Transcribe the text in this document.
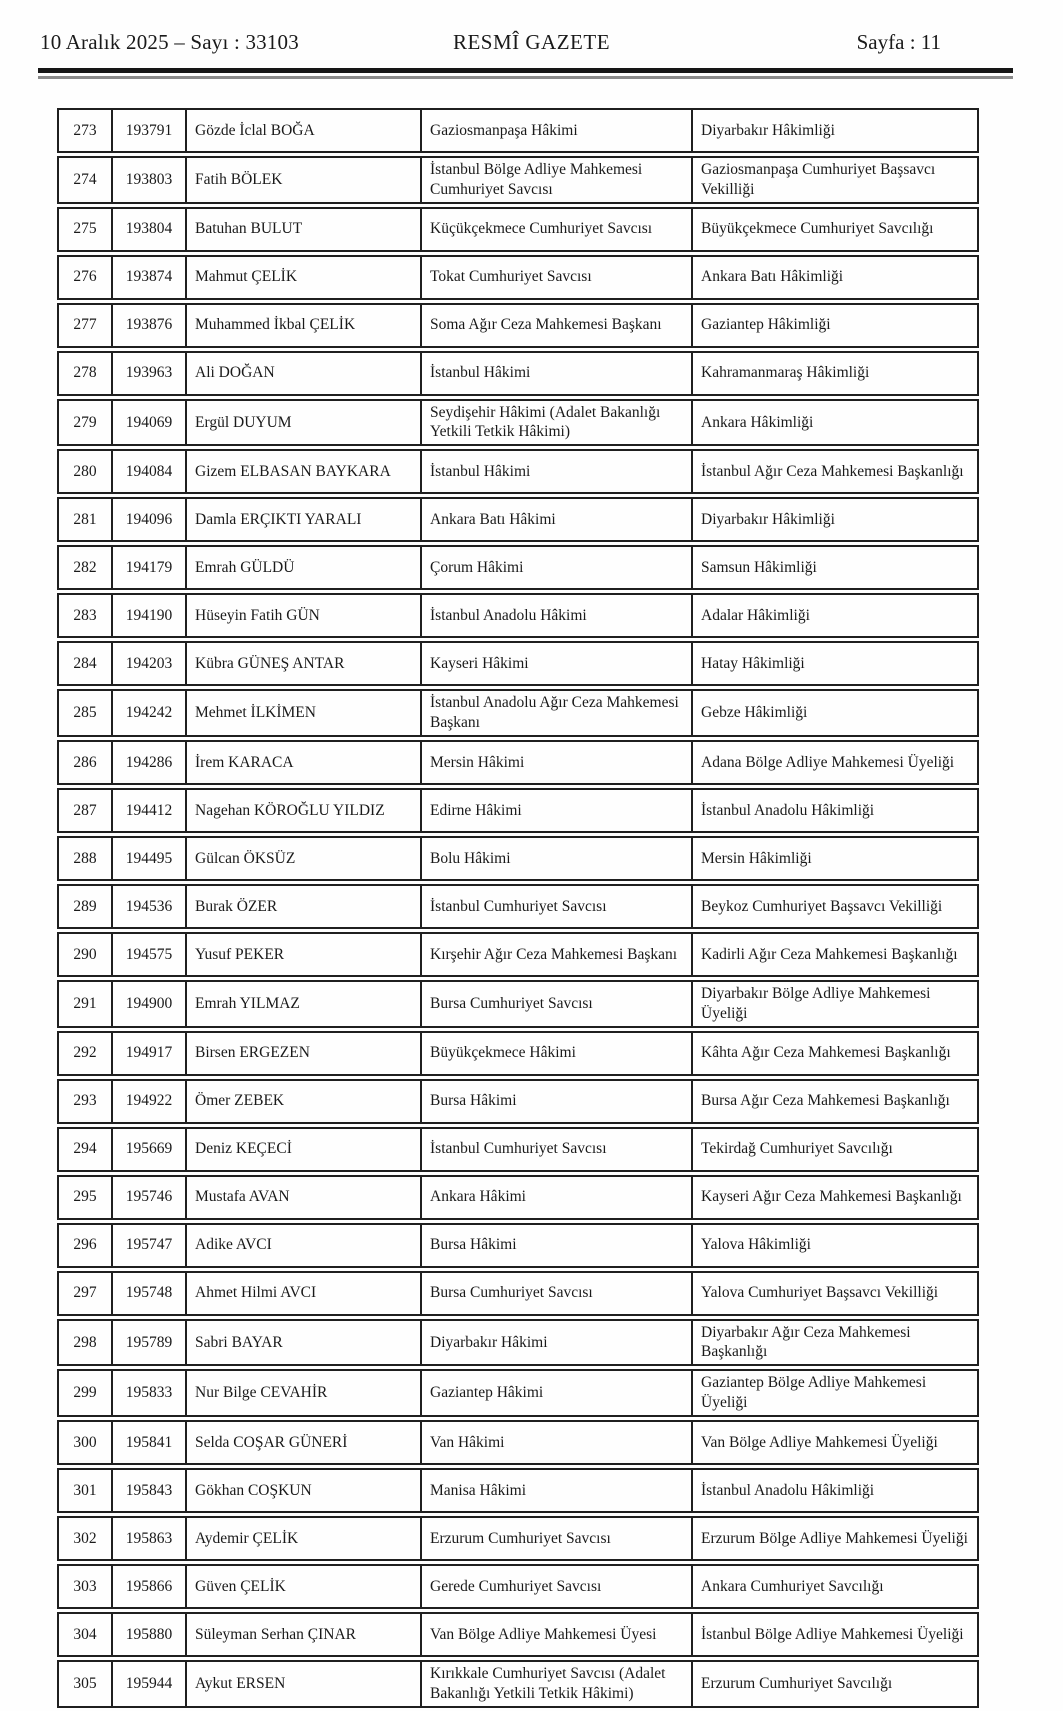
10 Aralık 2025 – Sayı : 33103	RESMÎ GAZETE	Sayfa : 11
273	193791	Gözde İclal BOĞA	Gaziosmanpaşa Hâkimi	Diyarbakır Hâkimliği
274	193803	Fatih BÖLEK	İstanbul Bölge Adliye Mahkemesi Cumhuriyet Savcısı	Gaziosmanpaşa Cumhuriyet Başsavcı Vekilliği
275	193804	Batuhan BULUT	Küçükçekmece Cumhuriyet Savcısı	Büyükçekmece Cumhuriyet Savcılığı
276	193874	Mahmut ÇELİK	Tokat Cumhuriyet Savcısı	Ankara Batı Hâkimliği
277	193876	Muhammed İkbal ÇELİK	Soma Ağır Ceza Mahkemesi Başkanı	Gaziantep Hâkimliği
278	193963	Ali DOĞAN	İstanbul Hâkimi	Kahramanmaraş Hâkimliği
279	194069	Ergül DUYUM	Seydişehir Hâkimi (Adalet Bakanlığı Yetkili Tetkik Hâkimi)	Ankara Hâkimliği
280	194084	Gizem ELBASAN BAYKARA	İstanbul Hâkimi	İstanbul Ağır Ceza Mahkemesi Başkanlığı
281	194096	Damla ERÇIKTI YARALI	Ankara Batı Hâkimi	Diyarbakır Hâkimliği
282	194179	Emrah GÜLDÜ	Çorum Hâkimi	Samsun Hâkimliği
283	194190	Hüseyin Fatih GÜN	İstanbul Anadolu Hâkimi	Adalar Hâkimliği
284	194203	Kübra GÜNEŞ ANTAR	Kayseri Hâkimi	Hatay Hâkimliği
285	194242	Mehmet İLKİMEN	İstanbul Anadolu Ağır Ceza Mahkemesi Başkanı	Gebze Hâkimliği
286	194286	İrem KARACA	Mersin Hâkimi	Adana Bölge Adliye Mahkemesi Üyeliği
287	194412	Nagehan KÖROĞLU YILDIZ	Edirne Hâkimi	İstanbul Anadolu Hâkimliği
288	194495	Gülcan ÖKSÜZ	Bolu Hâkimi	Mersin Hâkimliği
289	194536	Burak ÖZER	İstanbul Cumhuriyet Savcısı	Beykoz Cumhuriyet Başsavcı Vekilliği
290	194575	Yusuf PEKER	Kırşehir Ağır Ceza Mahkemesi Başkanı	Kadirli Ağır Ceza Mahkemesi Başkanlığı
291	194900	Emrah YILMAZ	Bursa Cumhuriyet Savcısı	Diyarbakır Bölge Adliye Mahkemesi Üyeliği
292	194917	Birsen ERGEZEN	Büyükçekmece Hâkimi	Kâhta Ağır Ceza Mahkemesi Başkanlığı
293	194922	Ömer ZEBEK	Bursa Hâkimi	Bursa Ağır Ceza Mahkemesi Başkanlığı
294	195669	Deniz KEÇECİ	İstanbul Cumhuriyet Savcısı	Tekirdağ Cumhuriyet Savcılığı
295	195746	Mustafa AVAN	Ankara Hâkimi	Kayseri Ağır Ceza Mahkemesi Başkanlığı
296	195747	Adike AVCI	Bursa Hâkimi	Yalova Hâkimliği
297	195748	Ahmet Hilmi AVCI	Bursa Cumhuriyet Savcısı	Yalova Cumhuriyet Başsavcı Vekilliği
298	195789	Sabri BAYAR	Diyarbakır Hâkimi	Diyarbakır Ağır Ceza Mahkemesi Başkanlığı
299	195833	Nur Bilge CEVAHİR	Gaziantep Hâkimi	Gaziantep Bölge Adliye Mahkemesi Üyeliği
300	195841	Selda COŞAR GÜNERİ	Van Hâkimi	Van Bölge Adliye Mahkemesi Üyeliği
301	195843	Gökhan COŞKUN	Manisa Hâkimi	İstanbul Anadolu Hâkimliği
302	195863	Aydemir ÇELİK	Erzurum Cumhuriyet Savcısı	Erzurum Bölge Adliye Mahkemesi Üyeliği
303	195866	Güven ÇELİK	Gerede Cumhuriyet Savcısı	Ankara Cumhuriyet Savcılığı
304	195880	Süleyman Serhan ÇINAR	Van Bölge Adliye Mahkemesi Üyesi	İstanbul Bölge Adliye Mahkemesi Üyeliği
305	195944	Aykut ERSEN	Kırıkkale Cumhuriyet Savcısı (Adalet Bakanlığı Yetkili Tetkik Hâkimi)	Erzurum Cumhuriyet Savcılığı
